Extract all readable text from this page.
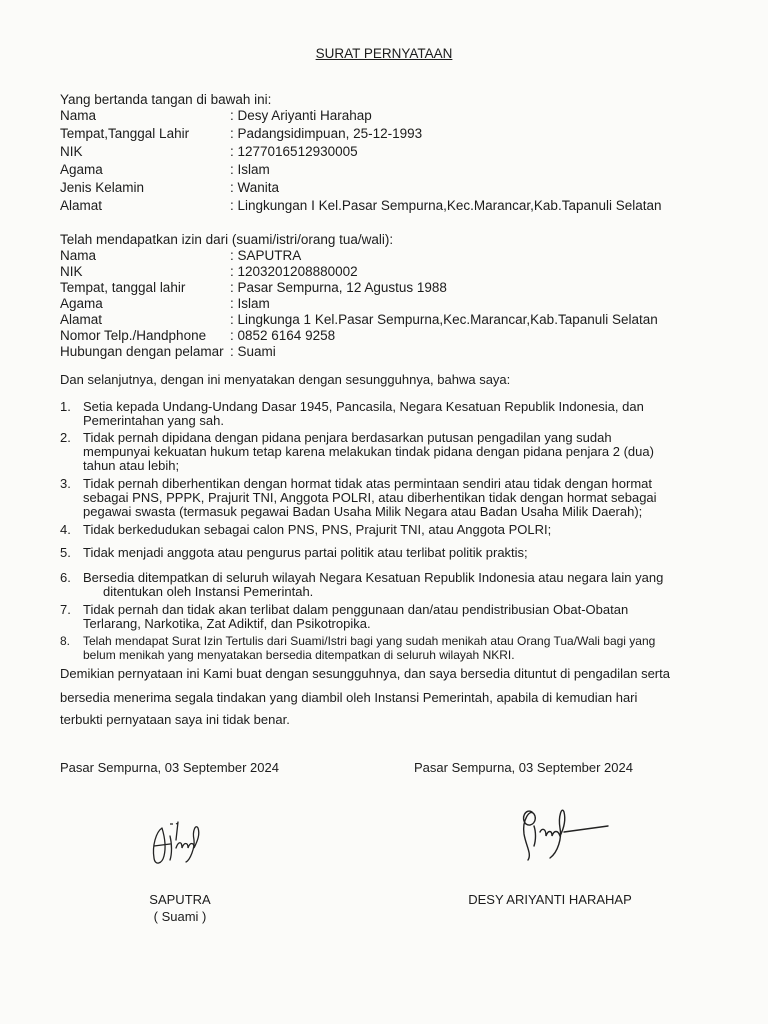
SURAT PERNYATAAN
Yang bertanda tangan di bawah ini:
Nama	: Desy Ariyanti Harahap
Tempat,Tanggal Lahir	: Padangsidimpuan, 25-12-1993
NIK	: 1277016512930005
Agama	: Islam
Jenis Kelamin	: Wanita
Alamat	: Lingkungan I Kel.Pasar Sempurna,Kec.Marancar,Kab.Tapanuli Selatan
Telah mendapatkan izin dari (suami/istri/orang tua/wali):
Nama	: SAPUTRA
NIK	: 1203201208880002
Tempat, tanggal lahir	: Pasar Sempurna, 12 Agustus 1988
Agama	: Islam
Alamat	: Lingkunga 1 Kel.Pasar Sempurna,Kec.Marancar,Kab.Tapanuli Selatan
Nomor Telp./Handphone : 0852 6164 9258
Hubungan dengan pelamar : Suami
Dan selanjutnya, dengan ini menyatakan dengan sesungguhnya, bahwa saya:
1. Setia kepada Undang-Undang Dasar 1945, Pancasila, Negara Kesatuan Republik Indonesia, dan
Pemerintahan yang sah.
2. Tidak pernah dipidana dengan pidana penjara berdasarkan putusan pengadilan yang sudah
mempunyai kekuatan hukum tetap karena melakukan tindak pidana dengan pidana penjara 2 (dua)
tahun atau lebih;
3. Tidak pernah diberhentikan dengan hormat tidak atas permintaan sendiri atau tidak dengan hormat
sebagai PNS, PPPK, Prajurit TNI, Anggota POLRI, atau diberhentikan tidak dengan hormat sebagai
pegawai swasta (termasuk pegawai Badan Usaha Milik Negara atau Badan Usaha Milik Daerah);
4. Tidak berkedudukan sebagai calon PNS, PNS, Prajurit TNI, atau Anggota POLRI;
5. Tidak menjadi anggota atau pengurus partai politik atau terlibat politik praktis;
6. Bersedia ditempatkan di seluruh wilayah Negara Kesatuan Republik Indonesia atau negara lain yang
ditentukan oleh Instansi Pemerintah.
7. Tidak pernah dan tidak akan terlibat dalam penggunaan dan/atau pendistribusian Obat-Obatan
Terlarang, Narkotika, Zat Adiktif, dan Psikotropika.
8.	Telah mendapat Surat Izin Tertulis dari Suami/Istri bagi yang sudah menikah atau Orang Tua/Wali bagi yang
belum menikah yang menyatakan bersedia ditempatkan di seluruh wilayah NKRI.
Demikian pernyataan ini Kami buat dengan sesungguhnya, dan saya bersedia dituntut di pengadilan serta
bersedia menerima segala tindakan yang diambil oleh Instansi Pemerintah, apabila di kemudian hari
terbukti pernyataan saya ini tidak benar.
Pasar Sempurna, 03 September 2024	Pasar Sempurna, 03 September 2024
SAPUTRA
( Suami )
DESY ARIYANTI HARAHAP
